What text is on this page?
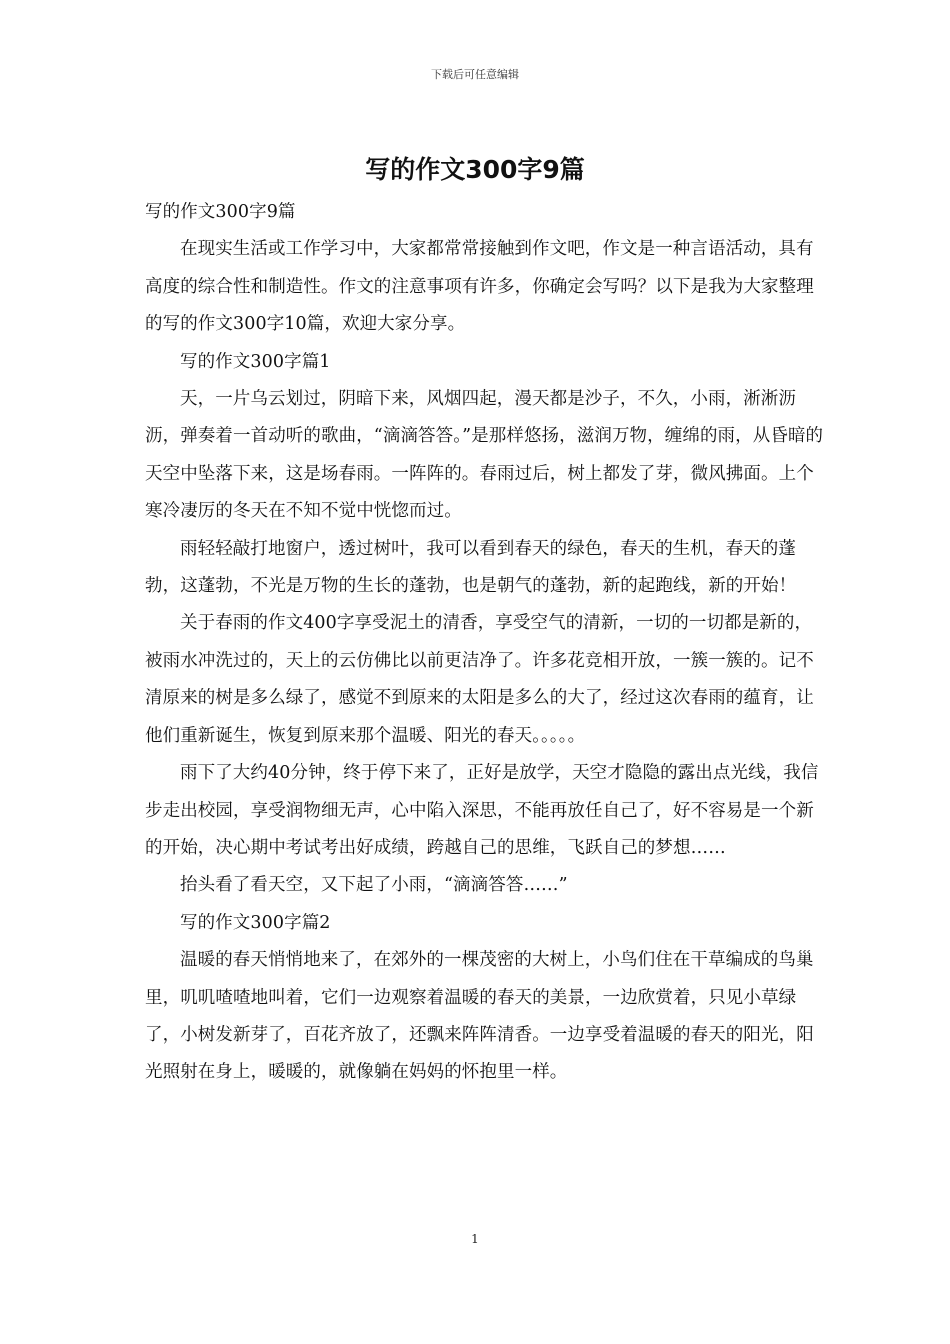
下载后可任意编辑
写的作文300字9篇

写的作文300字9篇

在现实生活或工作学习中，大家都常常接触到作文吧，作文是一种言语活动，具有高度的综合性和制造性。作文的注意事项有许多，你确定会写吗？以下是我为大家整理的写的作文300字10篇，欢迎大家分享。

写的作文300字篇1

天，一片乌云划过，阴暗下来，风烟四起，漫天都是沙子，不久，小雨，淅淅沥沥，弹奏着一首动听的歌曲，“滴滴答答。”是那样悠扬，滋润万物，缠绵的雨，从昏暗的天空中坠落下来，这是场春雨。一阵阵的。春雨过后，树上都发了芽，微风拂面。上个寒冷凄厉的冬天在不知不觉中恍惚而过。

雨轻轻敲打地窗户，透过树叶，我可以看到春天的绿色，春天的生机，春天的蓬勃，这蓬勃，不光是万物的生长的蓬勃，也是朝气的蓬勃，新的起跑线，新的开始！

关于春雨的作文400字享受泥土的清香，享受空气的清新，一切的一切都是新的，被雨水冲洗过的，天上的云仿佛比以前更洁净了。许多花竞相开放，一簇一簇的。记不清原来的树是多么绿了，感觉不到原来的太阳是多么的大了，经过这次春雨的蕴育，让他们重新诞生，恢复到原来那个温暖、阳光的春天。。。。。

雨下了大约40分钟，终于停下来了，正好是放学，天空才隐隐的露出点光线，我信步走出校园，享受润物细无声，心中陷入深思，不能再放任自己了，好不容易是一个新的开始，决心期中考试考出好成绩，跨越自己的思维，飞跃自己的梦想……

抬头看了看天空，又下起了小雨，“滴滴答答……”

写的作文300字篇2

温暖的春天悄悄地来了，在郊外的一棵茂密的大树上，小鸟们住在干草编成的鸟巢里，叽叽喳喳地叫着，它们一边观察着温暖的春天的美景，一边欣赏着，只见小草绿了，小树发新芽了，百花齐放了，还飘来阵阵清香。一边享受着温暖的春天的阳光，阳光照射在身上，暖暖的，就像躺在妈妈的怀抱里一样。

1
